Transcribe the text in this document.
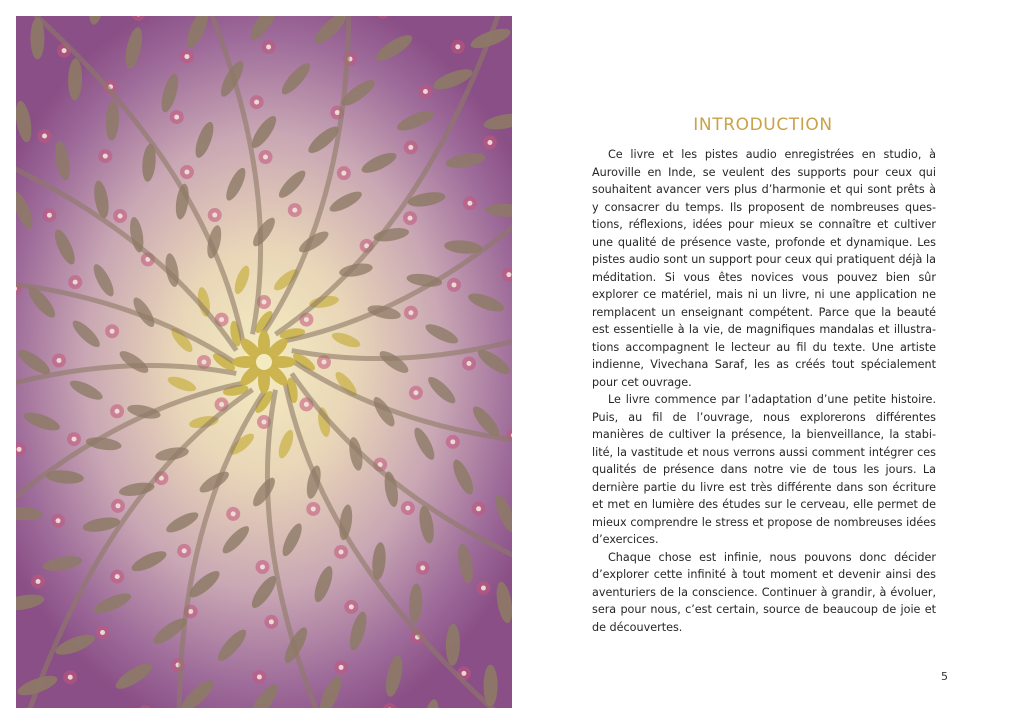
INTRODUCTION

Ce livre et les pistes audio enregistrées en studio, à Auroville en Inde, se veulent des supports pour ceux qui souhaitent avancer vers plus d’harmonie et qui sont prêts à y consacrer du temps. Ils proposent de nombreuses questions, réflexions, idées pour mieux se connaître et cultiver une qualité de présence vaste, profonde et dynamique. Les pistes audio sont un support pour ceux qui pratiquent déjà la méditation. Si vous êtes novices vous pouvez bien sûr explorer ce matériel, mais ni un livre, ni une application ne remplacent un enseignant compétent. Parce que la beauté est essentielle à la vie, de magnifiques mandalas et illustrations accompagnent le lecteur au fil du texte. Une artiste indienne, Vivechana Saraf, les as créés tout spécialement pour cet ouvrage.

Le livre commence par l’adaptation d’une petite histoire. Puis, au fil de l’ouvrage, nous explorerons différentes manières de cultiver la présence, la bienveillance, la stabilité, la vastitude et nous verrons aussi comment intégrer ces qualités de présence dans notre vie de tous les jours. La dernière partie du livre est très différente dans son écriture et met en lumière des études sur le cerveau, elle permet de mieux comprendre le stress et propose de nombreuses idées d’exercices.

Chaque chose est infinie, nous pouvons donc décider d’explorer cette infinité à tout moment et devenir ainsi des aventuriers de la conscience. Continuer à grandir, à évoluer, sera pour nous, c’est certain, source de beaucoup de joie et de découvertes.

5
